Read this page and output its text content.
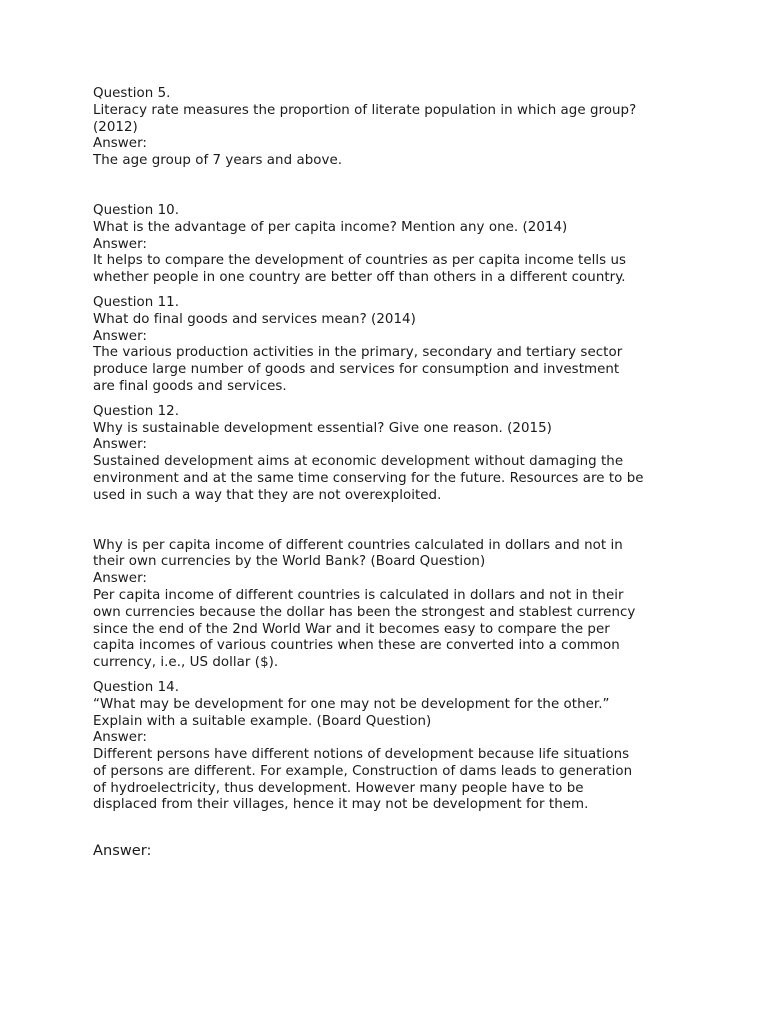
Question 5.
Literacy rate measures the proportion of literate population in which age group?
(2012)
Answer:
The age group of 7 years and above.
Question 10.
What is the advantage of per capita income? Mention any one. (2014)
Answer:
It helps to compare the development of countries as per capita income tells us
whether people in one country are better off than others in a different country.
Question 11.
What do final goods and services mean? (2014)
Answer:
The various production activities in the primary, secondary and tertiary sector
produce large number of goods and services for consumption and investment
are final goods and services.
Question 12.
Why is sustainable development essential? Give one reason. (2015)
Answer:
Sustained development aims at economic development without damaging the
environment and at the same time conserving for the future. Resources are to be
used in such a way that they are not overexploited.
Why is per capita income of different countries calculated in dollars and not in
their own currencies by the World Bank? (Board Question)
Answer:
Per capita income of different countries is calculated in dollars and not in their
own currencies because the dollar has been the strongest and stablest currency
since the end of the 2nd World War and it becomes easy to compare the per
capita incomes of various countries when these are converted into a common
currency, i.e., US dollar ($).
Question 14.
“What may be development for one may not be development for the other.”
Explain with a suitable example. (Board Question)
Answer:
Different persons have different notions of development because life situations
of persons are different. For example, Construction of dams leads to generation
of hydroelectricity, thus development. However many people have to be
displaced from their villages, hence it may not be development for them.
Answer:
